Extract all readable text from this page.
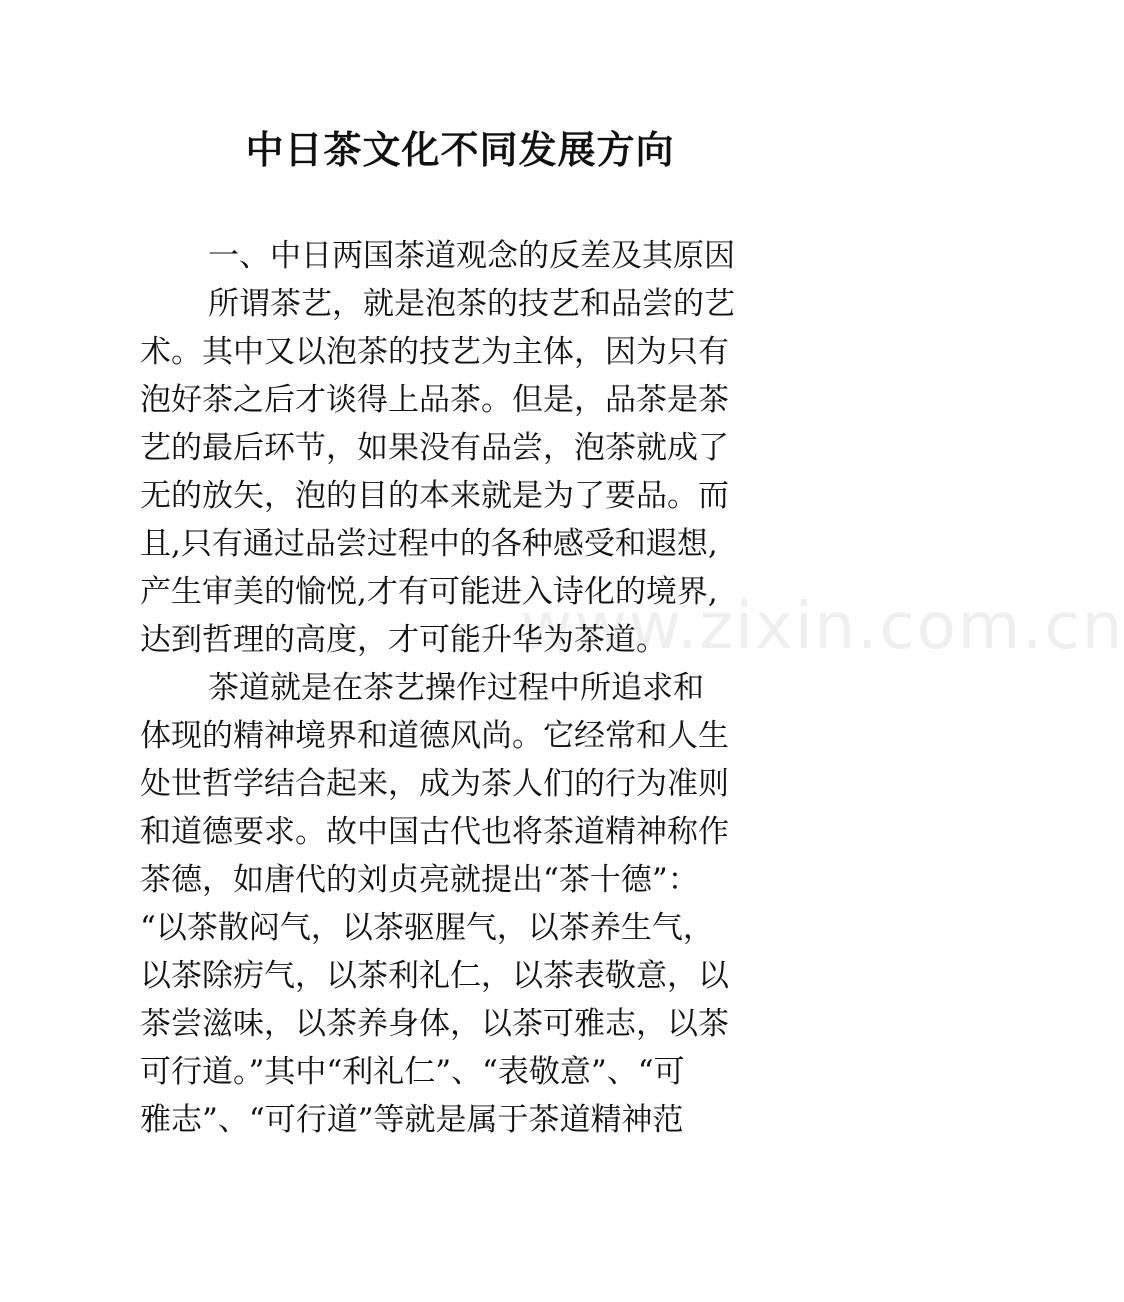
中日茶文化不同发展方向
www.zixin.com.cn
一、中日两国茶道观念的反差及其原因
所谓茶艺，就是泡茶的技艺和品尝的艺
术。其中又以泡茶的技艺为主体，因为只有
泡好茶之后才谈得上品茶。但是，品茶是茶
艺的最后环节，如果没有品尝，泡茶就成了
无的放矢，泡的目的本来就是为了要品。而
且,只有通过品尝过程中的各种感受和遐想,
产生审美的愉悦,才有可能进入诗化的境界,
达到哲理的高度，才可能升华为茶道。
茶道就是在茶艺操作过程中所追求和
体现的精神境界和道德风尚。它经常和人生
处世哲学结合起来，成为茶人们的行为准则
和道德要求。故中国古代也将茶道精神称作
茶德，如唐代的刘贞亮就提出“茶十德”：
“以茶散闷气，以茶驱腥气，以茶养生气，
以茶除疠气，以茶利礼仁，以茶表敬意，以
茶尝滋味，以茶养身体，以茶可雅志，以茶
可行道。”其中“利礼仁”、“表敬意”、“可
雅志”、“可行道”等就是属于茶道精神范
